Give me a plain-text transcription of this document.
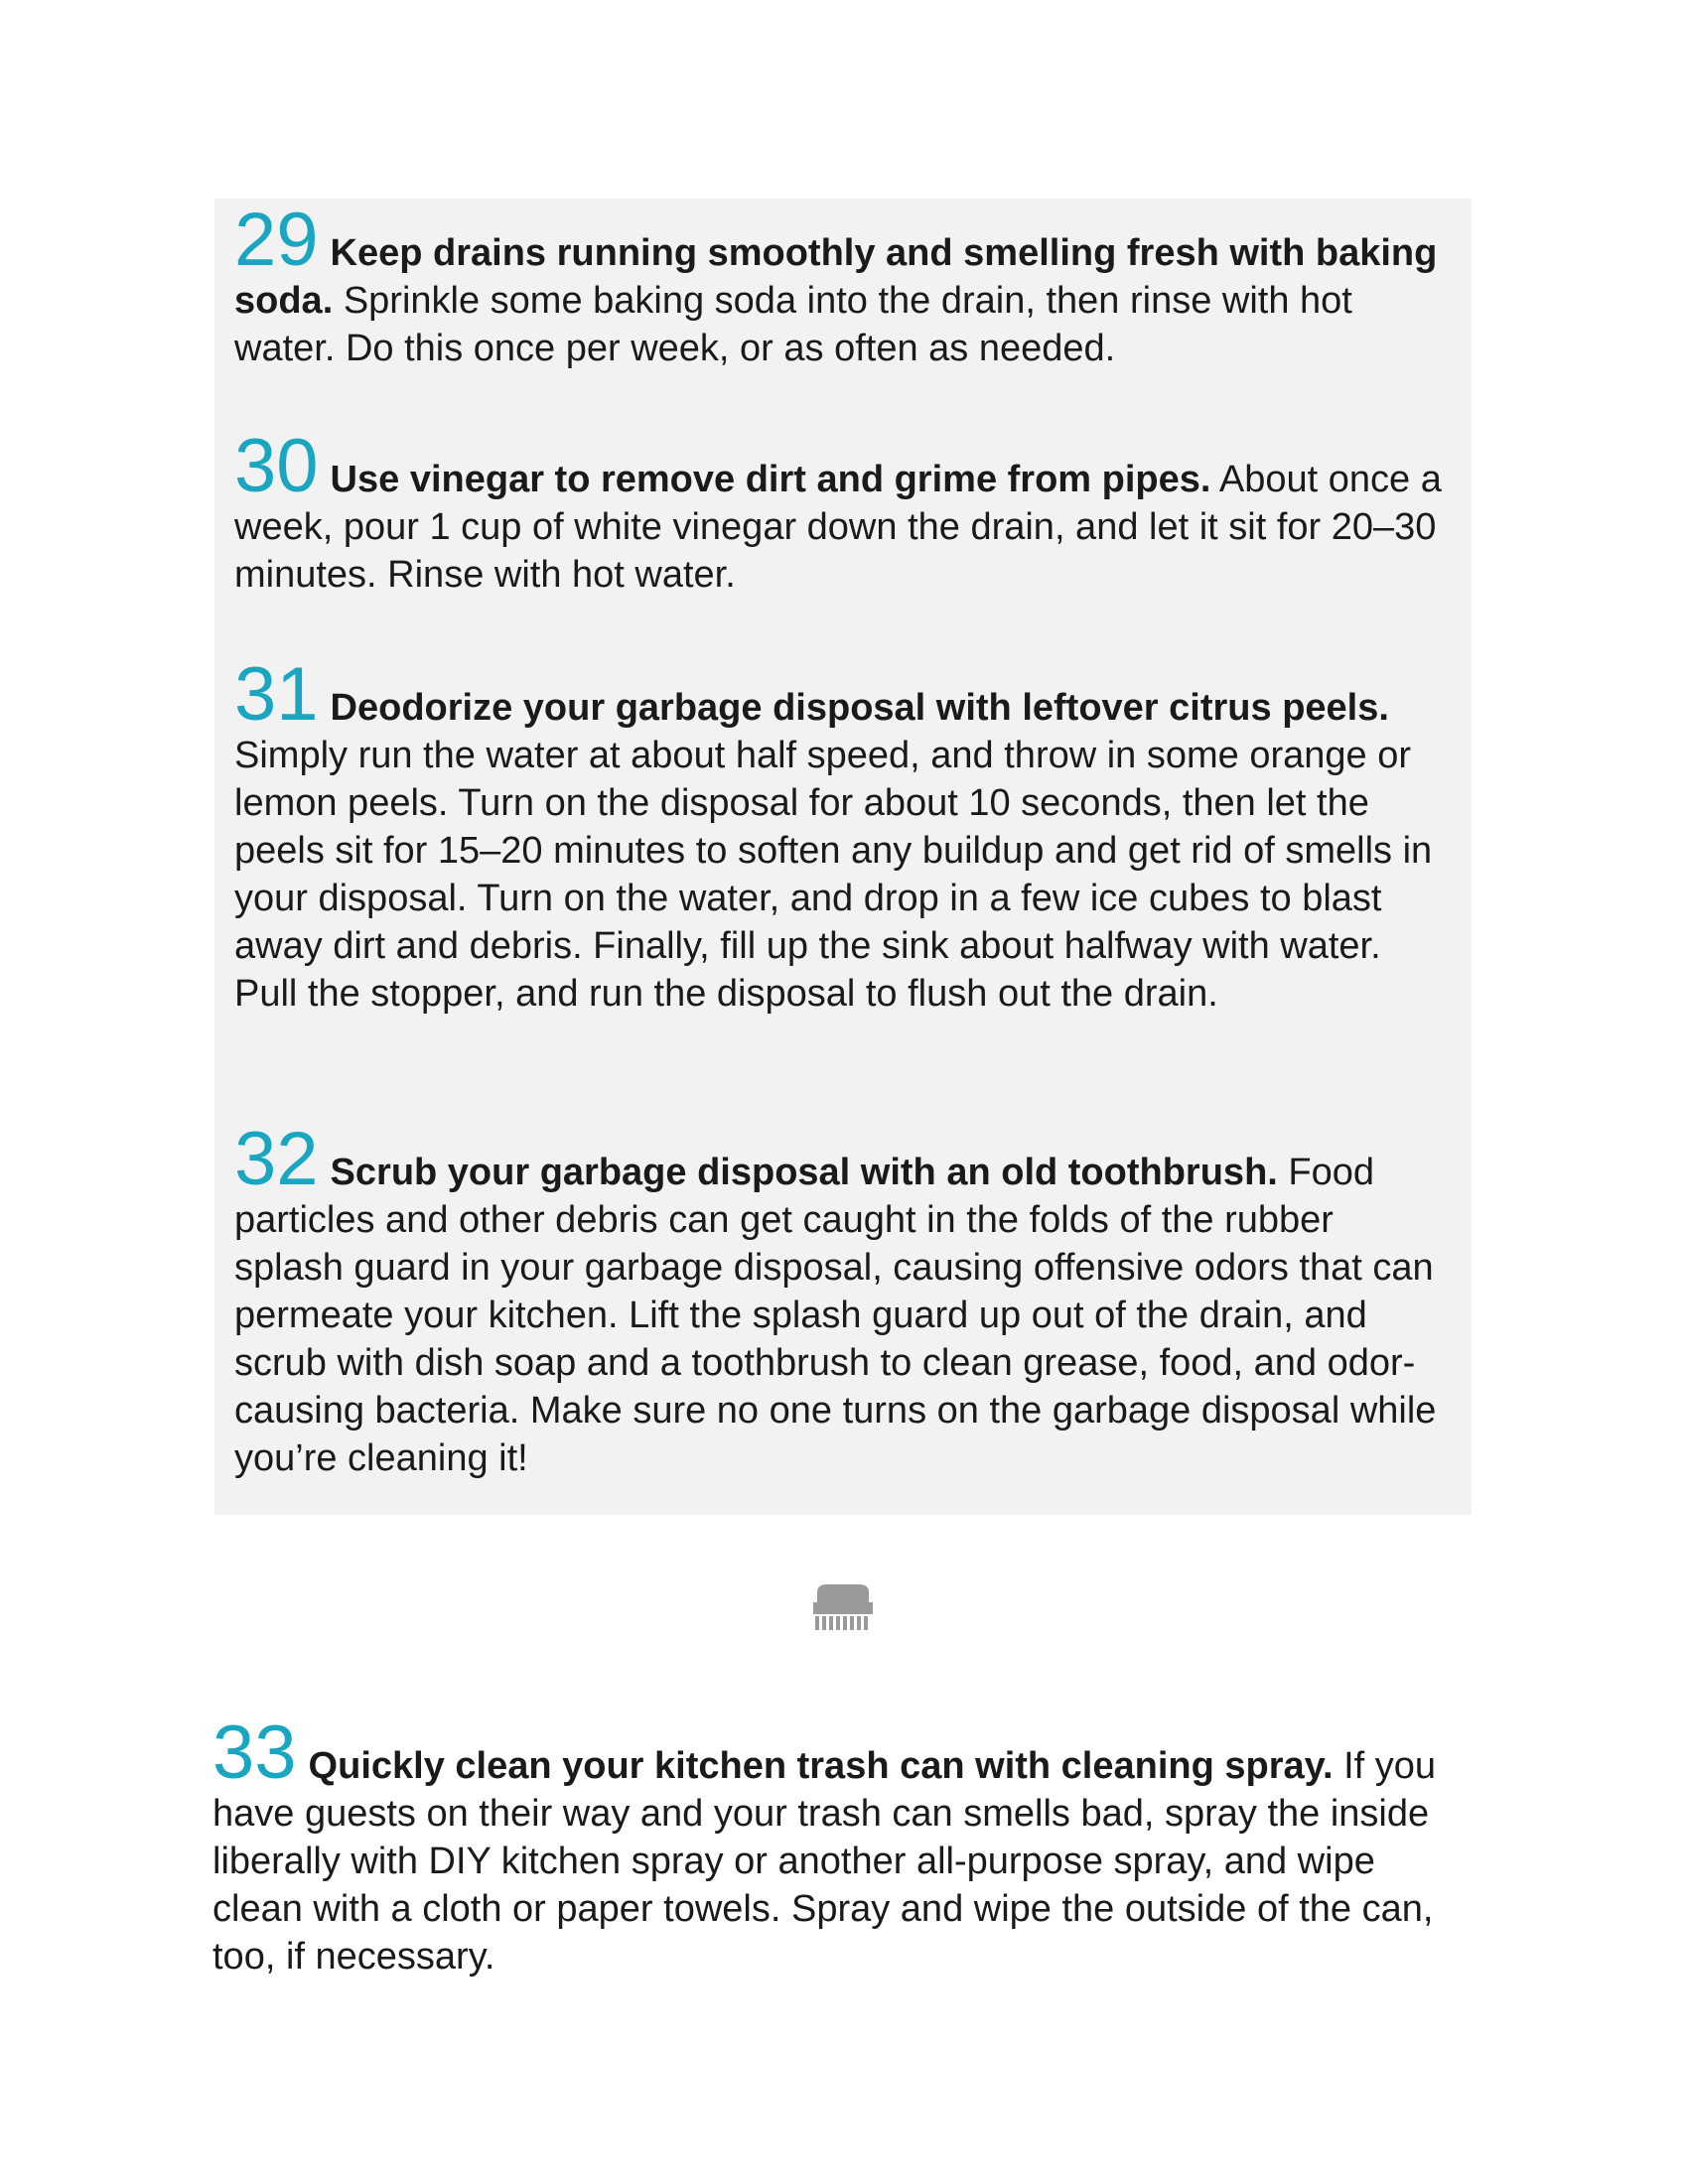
29 Keep drains running smoothly and smelling fresh with baking soda. Sprinkle some baking soda into the drain, then rinse with hot water. Do this once per week, or as often as needed.

30 Use vinegar to remove dirt and grime from pipes. About once a week, pour 1 cup of white vinegar down the drain, and let it sit for 20–30 minutes. Rinse with hot water.

31 Deodorize your garbage disposal with leftover citrus peels. Simply run the water at about half speed, and throw in some orange or lemon peels. Turn on the disposal for about 10 seconds, then let the peels sit for 15–20 minutes to soften any buildup and get rid of smells in your disposal. Turn on the water, and drop in a few ice cubes to blast away dirt and debris. Finally, fill up the sink about halfway with water. Pull the stopper, and run the disposal to flush out the drain.

32 Scrub your garbage disposal with an old toothbrush. Food particles and other debris can get caught in the folds of the rubber splash guard in your garbage disposal, causing offensive odors that can permeate your kitchen. Lift the splash guard up out of the drain, and scrub with dish soap and a toothbrush to clean grease, food, and odor-causing bacteria. Make sure no one turns on the garbage disposal while you’re cleaning it!

33 Quickly clean your kitchen trash can with cleaning spray. If you have guests on their way and your trash can smells bad, spray the inside liberally with DIY kitchen spray or another all-purpose spray, and wipe clean with a cloth or paper towels. Spray and wipe the outside of the can, too, if necessary.
